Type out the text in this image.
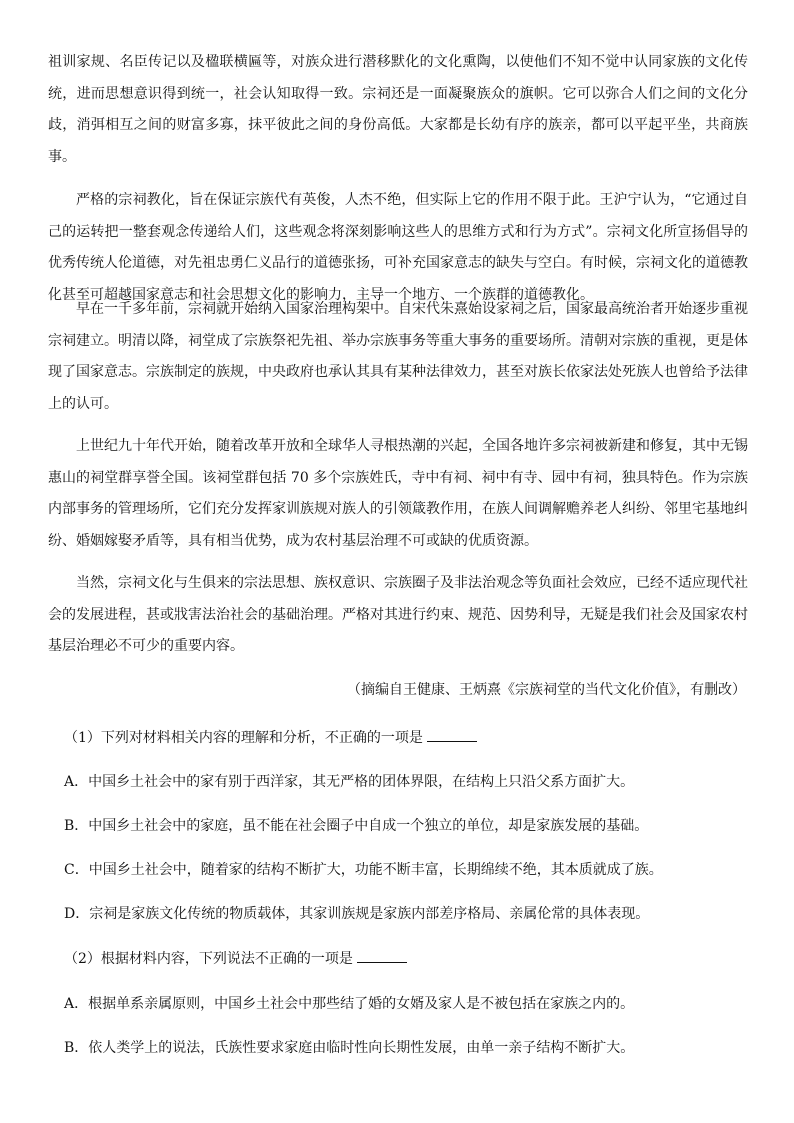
祖训家规、名臣传记以及楹联横匾等，对族众进行潜移默化的文化熏陶，以使他们不知不觉中认同家族的文化传统，进而思想意识得到统一，社会认知取得一致。宗祠还是一面凝聚族众的旗帜。它可以弥合人们之间的文化分歧，消弭相互之间的财富多寡，抹平彼此之间的身份高低。大家都是长幼有序的族亲，都可以平起平坐，共商族事。

严格的宗祠教化，旨在保证宗族代有英俊，人杰不绝，但实际上它的作用不限于此。王沪宁认为，“它通过自己的运转把一整套观念传递给人们，这些观念将深刻影响这些人的思维方式和行为方式”。宗祠文化所宣扬倡导的优秀传统人伦道德，对先祖忠勇仁义品行的道德张扬，可补充国家意志的缺失与空白。有时候，宗祠文化的道德教化甚至可超越国家意志和社会思想文化的影响力，主导一个地方、一个族群的道德教化。

早在一千多年前，宗祠就开始纳入国家治理构架中。自宋代朱熹始设家祠之后，国家最高统治者开始逐步重视宗祠建立。明清以降，祠堂成了宗族祭祀先祖、举办宗族事务等重大事务的重要场所。清朝对宗族的重视，更是体现了国家意志。宗族制定的族规，中央政府也承认其具有某种法律效力，甚至对族长依家法处死族人也曾给予法律上的认可。

上世纪九十年代开始，随着改革开放和全球华人寻根热潮的兴起，全国各地许多宗祠被新建和修复，其中无锡惠山的祠堂群享誉全国。该祠堂群包括 70 多个宗族姓氏，寺中有祠、祠中有寺、园中有祠，独具特色。作为宗族内部事务的管理场所，它们充分发挥家训族规对族人的引领箴教作用，在族人间调解赡养老人纠纷、邻里宅基地纠纷、婚姻嫁娶矛盾等，具有相当优势，成为农村基层治理不可或缺的优质资源。

当然，宗祠文化与生俱来的宗法思想、族权意识、宗族圈子及非法治观念等负面社会效应，已经不适应现代社会的发展进程，甚或戕害法治社会的基础治理。严格对其进行约束、规范、因势利导，无疑是我们社会及国家农村基层治理必不可少的重要内容。

（摘编自王健康、王炳熹《宗族祠堂的当代文化价值》，有删改）

（1）下列对材料相关内容的理解和分析，不正确的一项是

A．中国乡土社会中的家有别于西洋家，其无严格的团体界限，在结构上只沿父系方面扩大。

B．中国乡土社会中的家庭，虽不能在社会圈子中自成一个独立的单位，却是家族发展的基础。

C．中国乡土社会中，随着家的结构不断扩大，功能不断丰富，长期绵续不绝，其本质就成了族。

D．宗祠是家族文化传统的物质载体，其家训族规是家族内部差序格局、亲属伦常的具体表现。

（2）根据材料内容，下列说法不正确的一项是

A．根据单系亲属原则，中国乡土社会中那些结了婚的女婿及家人是不被包括在家族之内的。

B．依人类学上的说法，氏族性要求家庭由临时性向长期性发展，由单一亲子结构不断扩大。
